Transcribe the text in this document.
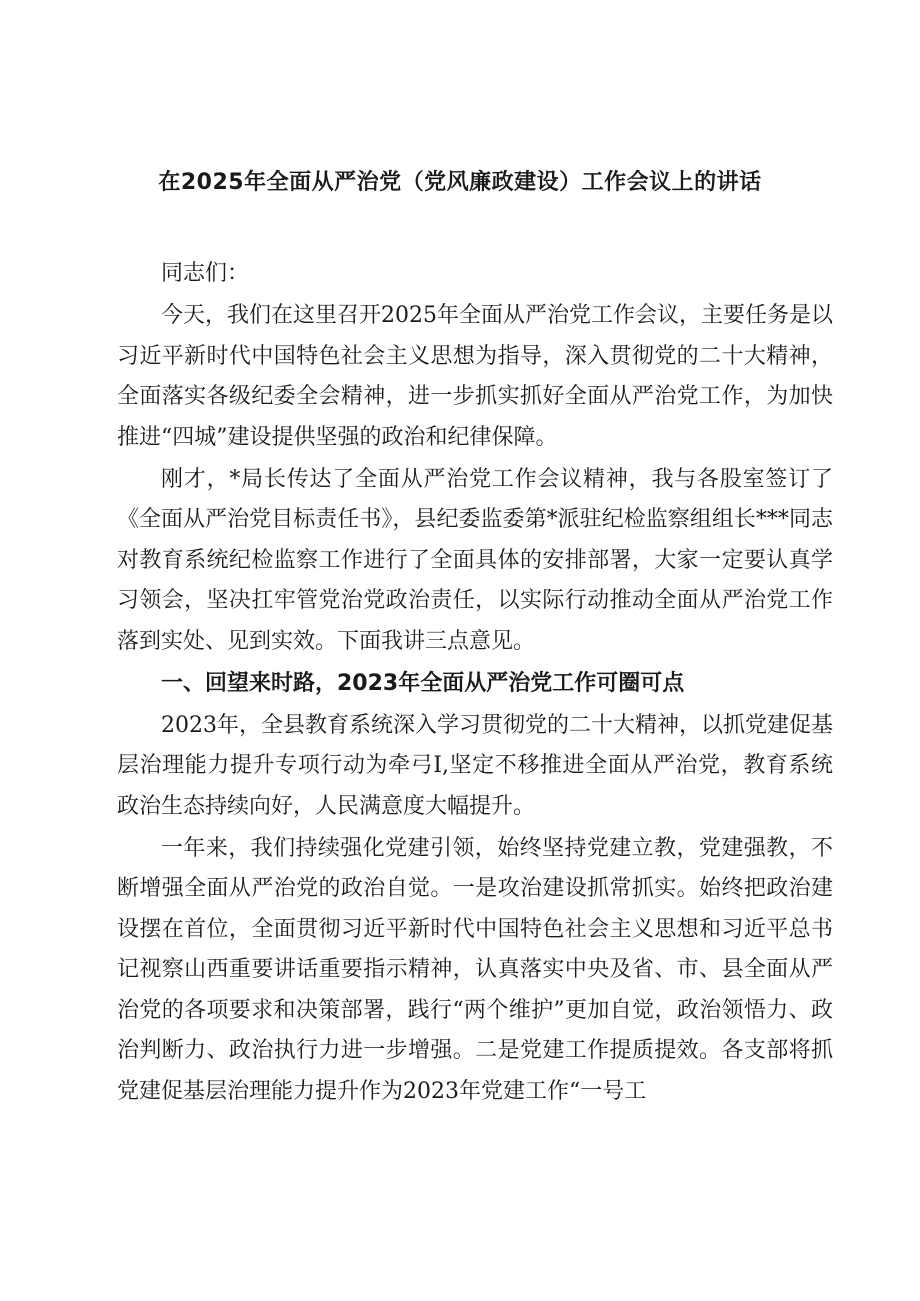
在2025年全面从严治党（党风廉政建设）工作会议上的讲话

同志们：

今天，我们在这里召开2025年全面从严治党工作会议，主要任务是以习近平新时代中国特色社会主义思想为指导，深入贯彻党的二十大精神，全面落实各级纪委全会精神，进一步抓实抓好全面从严治党工作，为加快推进“四城”建设提供坚强的政治和纪律保障。

刚才，*局长传达了全面从严治党工作会议精神，我与各股室签订了《全面从严治党目标责任书》，县纪委监委第*派驻纪检监察组组长***同志对教育系统纪检监察工作进行了全面具体的安排部署，大家一定要认真学习领会，坚决扛牢管党治党政治责任，以实际行动推动全面从严治党工作落到实处、见到实效。下面我讲三点意见。

一、回望来时路，2023年全面从严治党工作可圈可点

2023年，全县教育系统深入学习贯彻党的二十大精神，以抓党建促基层治理能力提升专项行动为牵弓I,坚定不移推进全面从严治党，教育系统政治生态持续向好，人民满意度大幅提升。

一年来，我们持续强化党建引领，始终坚持党建立教，党建强教，不断增强全面从严治党的政治自觉。一是攻治建设抓常抓实。始终把政治建设摆在首位，全面贯彻习近平新时代中国特色社会主义思想和习近平总书记视察山西重要讲话重要指示精神，认真落实中央及省、市、县全面从严治党的各项要求和决策部署，践行“两个维护”更加自觉，政治领悟力、政治判断力、政治执行力进一步增强。二是党建工作提质提效。各支部将抓党建促基层治理能力提升作为2023年党建工作“一号工
